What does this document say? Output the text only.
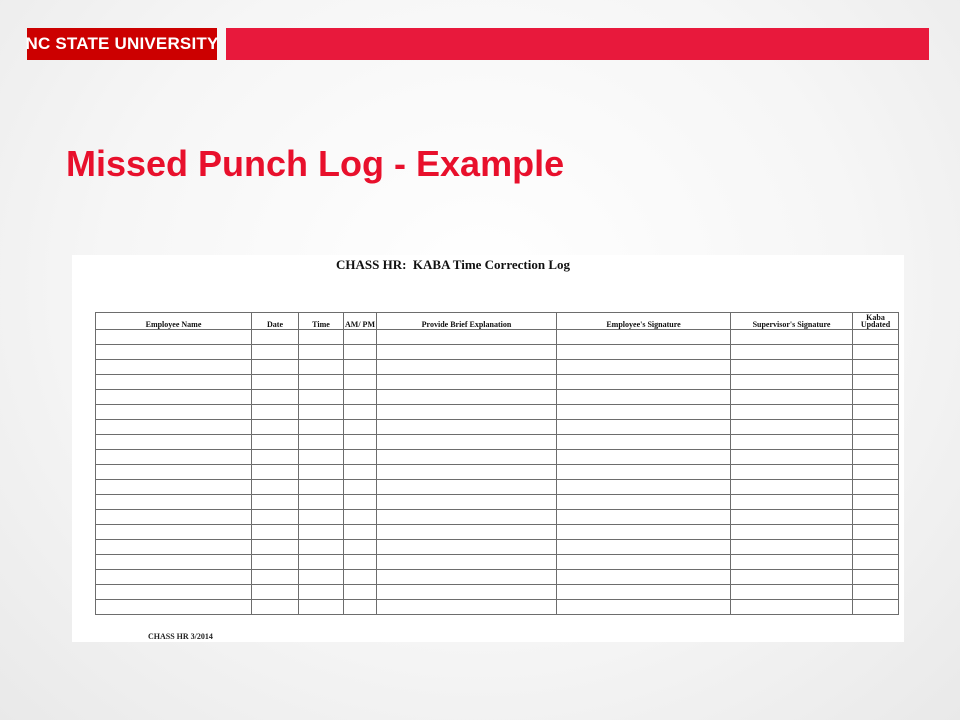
NC STATE UNIVERSITY
Missed Punch Log - Example
CHASS HR:  KABA Time Correction Log
Employee Name	Date	Time	AM/ PM	Provide Brief Explanation	Employee's Signature	Supervisor's Signature	Kaba Updated

CHASS HR 3/2014
